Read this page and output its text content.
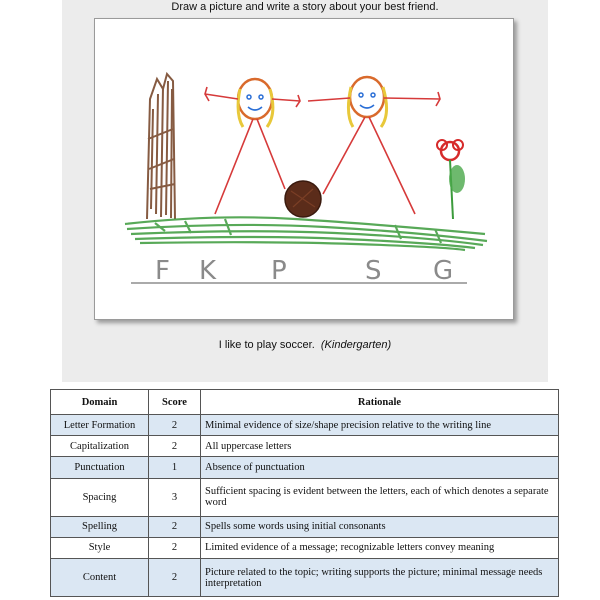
Draw a picture and write a story about your best friend.
F K P	S G
I like to play soccer. (Kindergarten)
Domain	Score	Rationale
Letter Formation	2	Minimal evidence of size/shape precision relative to the writing line
Capitalization	2	All uppercase letters
Punctuation	1	Absence of punctuation
Spacing	3	Sufficient spacing is evident between the letters, each of which denotes a separate word
Spelling	2	Spells some words using initial consonants
Style	2	Limited evidence of a message; recognizable letters convey meaning
Content	2	Picture related to the topic; writing supports the picture; minimal message needs interpretation
